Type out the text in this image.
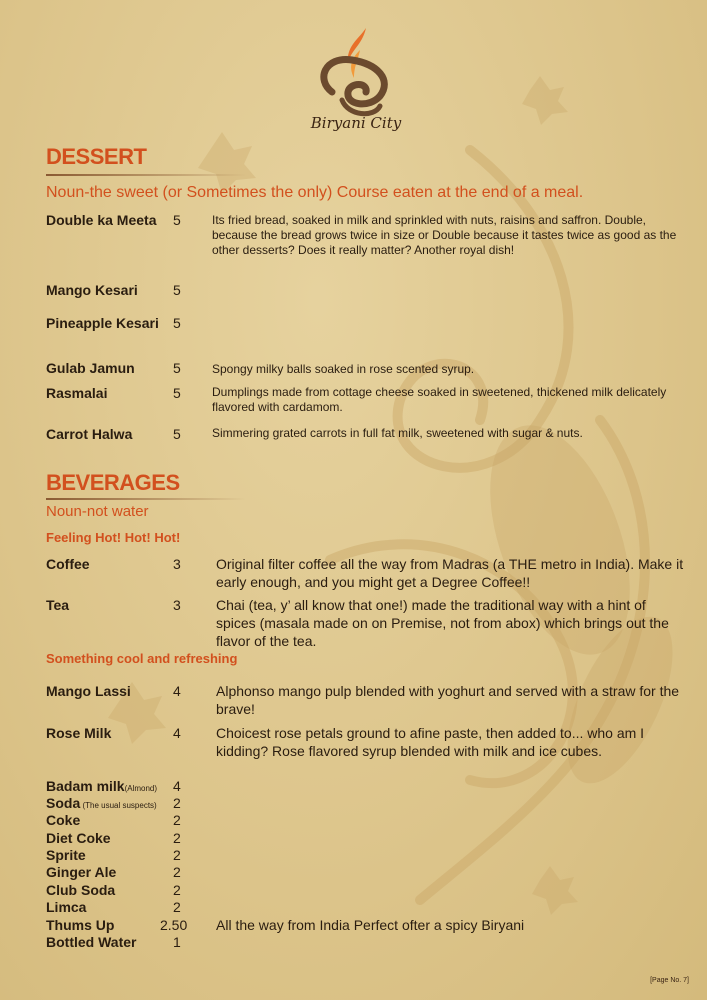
Biryani City
DESSERT
Noun-the sweet (or Sometimes the only) Course eaten at the end of a meal.
Double ka Meeta 5	Its fried bread, soaked in milk and sprinkled with nuts, raisins and saffron. Double, because the bread grows twice in size or Double because it tastes twice as good as the other desserts? Does it really matter? Another royal dish!
Mango Kesari	5
Pineapple Kesari 5
Gulab Jamun	5	Spongy milky balls soaked in rose scented syrup.
Rasmalai	5	Dumplings made from cottage cheese soaked in sweetened, thickened milk delicately flavored with cardamom.
Carrot Halwa	5	Simmering grated carrots in full fat milk, sweetened with sugar & nuts.
BEVERAGES
Noun-not water
Feeling Hot! Hot! Hot!
Coffee	3	Original filter coffee all the way from Madras (a THE metro in India). Make it early enough, and you might get a Degree Coffee!!
Tea	3	Chai (tea, y’ all know that one!) made the traditional way with a hint of spices (masala made on on Premise, not from abox) which brings out the flavor of the tea.
Something cool and refreshing
Mango Lassi	4	Alphonso mango pulp blended with yoghurt and served with a straw for the brave!
Rose Milk	4	Choicest rose petals ground to afine paste, then added to... who am I kidding? Rose flavored syrup blended with milk and ice cubes.
Badam milk(Almond) 4
Soda (The usual suspects) 2
Coke	2
Diet Coke	2
Sprite	2
Ginger Ale	2
Club Soda	2
Limca	2
Thums Up	2.50 All the way from India Perfect ofter a spicy Biryani
Bottled Water	1
[Page No. 7]
